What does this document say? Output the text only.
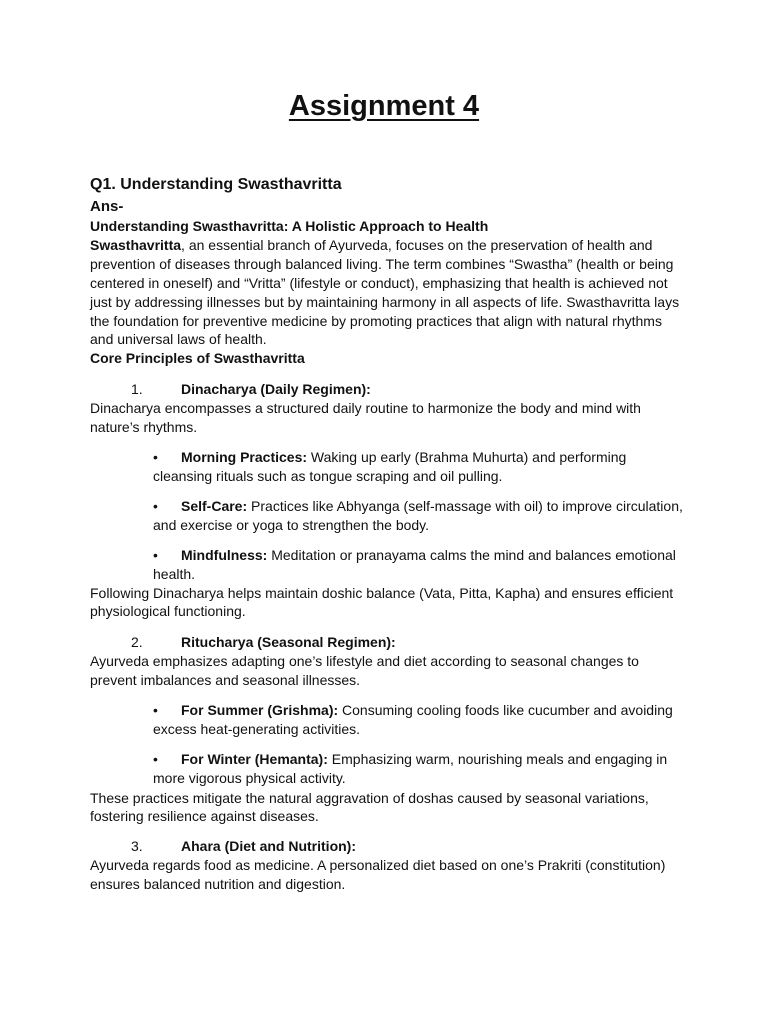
Assignment 4
Q1. Understanding Swasthavritta
Ans-
Understanding Swasthavritta: A Holistic Approach to Health
Swasthavritta, an essential branch of Ayurveda, focuses on the preservation of health and
prevention of diseases through balanced living. The term combines “Swastha” (health or being
centered in oneself) and “Vritta” (lifestyle or conduct), emphasizing that health is achieved not
just by addressing illnesses but by maintaining harmony in all aspects of life. Swasthavritta lays
the foundation for preventive medicine by promoting practices that align with natural rhythms
and universal laws of health.
Core Principles of Swasthavritta
1.	Dinacharya (Daily Regimen):
Dinacharya encompasses a structured daily routine to harmonize the body and mind with
nature’s rhythms.
• Morning Practices: Waking up early (Brahma Muhurta) and performing
cleansing rituals such as tongue scraping and oil pulling.
• Self-Care: Practices like Abhyanga (self-massage with oil) to improve circulation,
and exercise or yoga to strengthen the body.
• Mindfulness: Meditation or pranayama calms the mind and balances emotional
health.
Following Dinacharya helps maintain doshic balance (Vata, Pitta, Kapha) and ensures efficient
physiological functioning.
2.	Ritucharya (Seasonal Regimen):
Ayurveda emphasizes adapting one’s lifestyle and diet according to seasonal changes to
prevent imbalances and seasonal illnesses.
• For Summer (Grishma): Consuming cooling foods like cucumber and avoiding
excess heat-generating activities.
• For Winter (Hemanta): Emphasizing warm, nourishing meals and engaging in
more vigorous physical activity.
These practices mitigate the natural aggravation of doshas caused by seasonal variations,
fostering resilience against diseases.
3.	Ahara (Diet and Nutrition):
Ayurveda regards food as medicine. A personalized diet based on one’s Prakriti (constitution)
ensures balanced nutrition and digestion.
